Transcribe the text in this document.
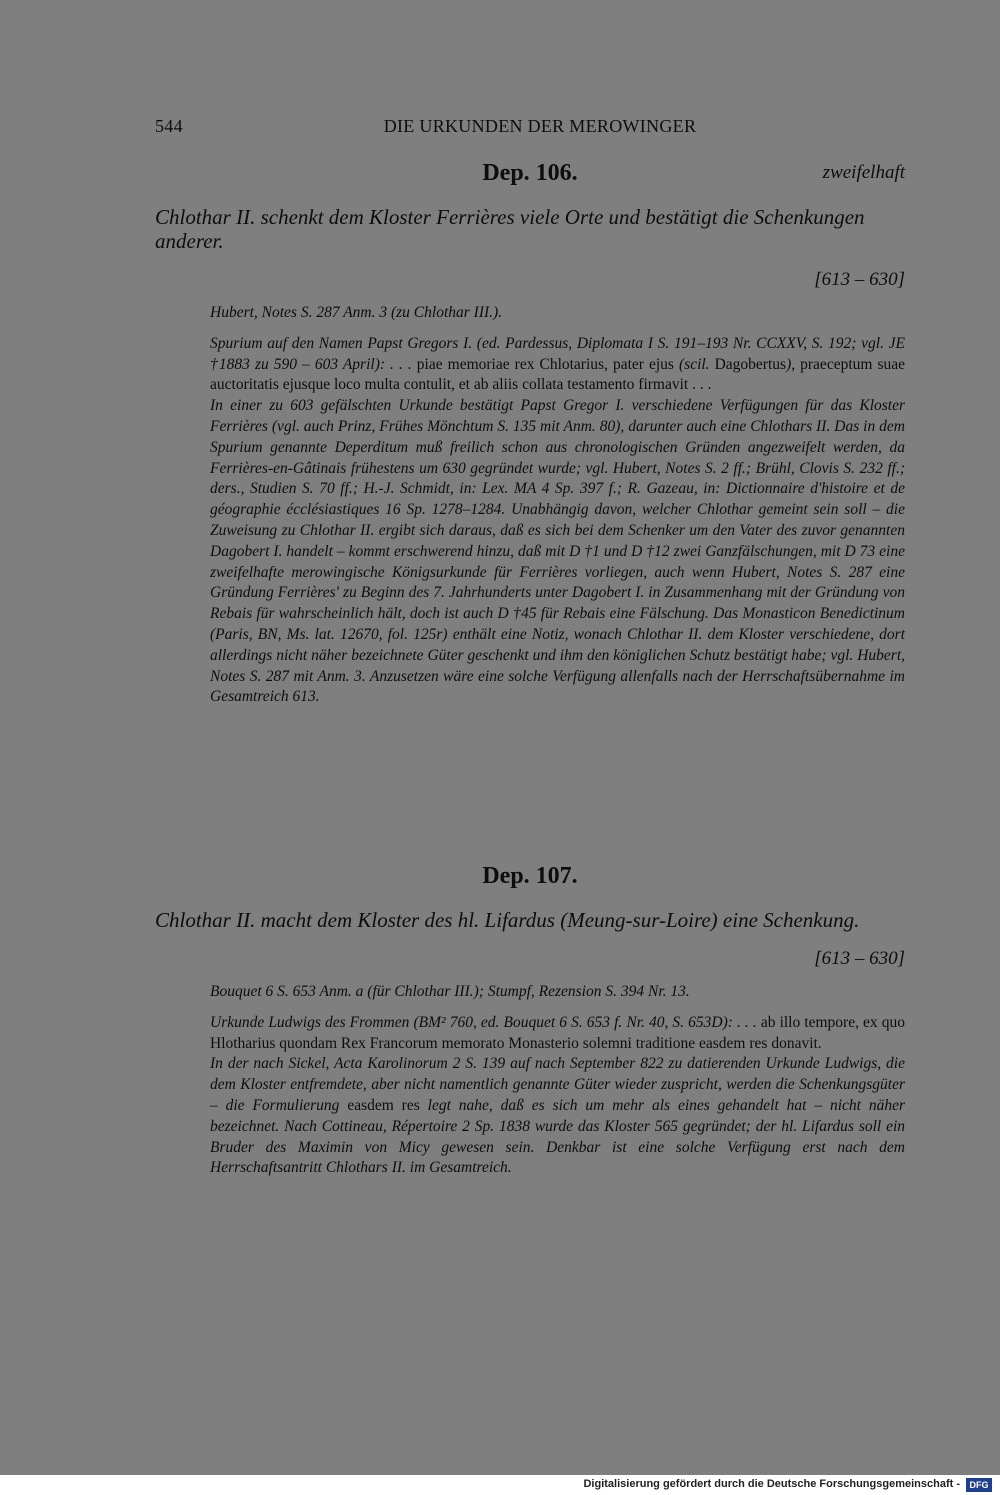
544	DIE URKUNDEN DER MEROWINGER
Dep. 106.	zweifelhaft
Chlothar II. schenkt dem Kloster Ferrières viele Orte und bestätigt die Schenkungen anderer.
[613 – 630]

Hubert, Notes S. 287 Anm. 3 (zu Chlothar III.).

Spurium auf den Namen Papst Gregors I. (ed. Pardessus, Diplomata I S. 191–193 Nr. CCXXV, S. 192; vgl. JE †1883 zu 590 – 603 April): . . . piae memoriae rex Chlotarius, pater ejus (scil. Dagobertus), praeceptum suae auctoritatis ejusque loco multa contulit, et ab aliis collata testamento firmavit . . .

In einer zu 603 gefälschten Urkunde bestätigt Papst Gregor I. verschiedene Verfügungen für das Kloster Ferrières (vgl. auch Prinz, Frühes Mönchtum S. 135 mit Anm. 80), darunter auch eine Chlothars II. Das in dem Spurium genannte Deperditum muß freilich schon aus chronologischen Gründen angezweifelt werden, da Ferrières-en-Gâtinais frühestens um 630 gegründet wurde; vgl. Hubert, Notes S. 2 ff.; Brühl, Clovis S. 232 ff.; ders., Studien S. 70 ff.; H.-J. Schmidt, in: Lex. MA 4 Sp. 397 f.; R. Gazeau, in: Dictionnaire d'histoire et de géographie écclésiastiques 16 Sp. 1278–1284. Unabhängig davon, welcher Chlothar gemeint sein soll – die Zuweisung zu Chlothar II. ergibt sich daraus, daß es sich bei dem Schenker um den Vater des zuvor genannten Dagobert I. handelt – kommt erschwerend hinzu, daß mit D †1 und D †12 zwei Ganzfälschungen, mit D 73 eine zweifelhafte merowingische Königsurkunde für Ferrières vorliegen, auch wenn Hubert, Notes S. 287 eine Gründung Ferrières' zu Beginn des 7. Jahrhunderts unter Dagobert I. in Zusammenhang mit der Gründung von Rebais für wahrscheinlich hält, doch ist auch D †45 für Rebais eine Fälschung. Das Monasticon Benedictinum (Paris, BN, Ms. lat. 12670, fol. 125r) enthält eine Notiz, wonach Chlothar II. dem Kloster verschiedene, dort allerdings nicht näher bezeichnete Güter geschenkt und ihm den königlichen Schutz bestätigt habe; vgl. Hubert, Notes S. 287 mit Anm. 3. Anzusetzen wäre eine solche Verfügung allenfalls nach der Herrschaftsübernahme im Gesamtreich 613.

Dep. 107.
Chlothar II. macht dem Kloster des hl. Lifardus (Meung-sur-Loire) eine Schenkung.
[613 – 630]

Bouquet 6 S. 653 Anm. a (für Chlothar III.); Stumpf, Rezension S. 394 Nr. 13.

Urkunde Ludwigs des Frommen (BM² 760, ed. Bouquet 6 S. 653 f. Nr. 40, S. 653D): . . . ab illo tempore, ex quo Hlotharius quondam Rex Francorum memorato Monasterio solemni traditione easdem res donavit.

In der nach Sickel, Acta Karolinorum 2 S. 139 auf nach September 822 zu datierenden Urkunde Ludwigs, die dem Kloster entfremdete, aber nicht namentlich genannte Güter wieder zuspricht, werden die Schenkungsgüter – die Formulierung easdem res legt nahe, daß es sich um mehr als eines gehandelt hat – nicht näher bezeichnet. Nach Cottineau, Répertoire 2 Sp. 1838 wurde das Kloster 565 gegründet; der hl. Lifardus soll ein Bruder des Maximin von Micy gewesen sein. Denkbar ist eine solche Verfügung erst nach dem Herrschaftsantritt Chlothars II. im Gesamtreich.

Digitalisierung gefördert durch die Deutsche Forschungsgemeinschaft -	DFG
